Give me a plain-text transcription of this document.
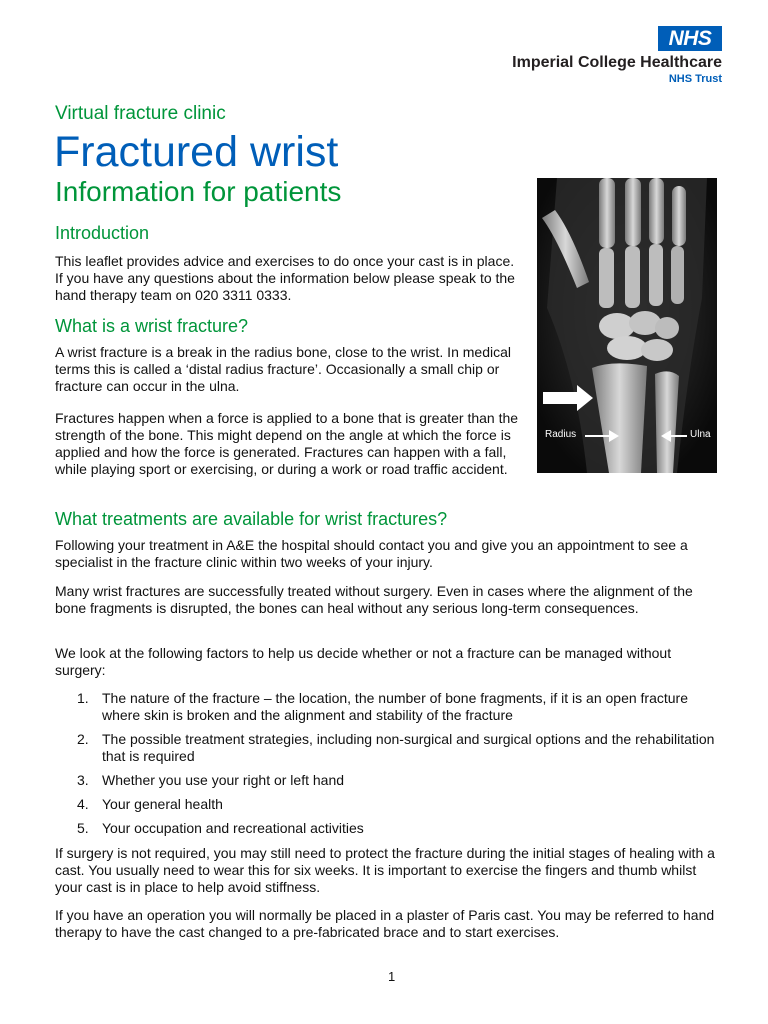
NHS
Imperial College Healthcare
NHS Trust
Virtual fracture clinic
Fractured wrist
Information for patients
Radius	Ulna
Introduction
This leaflet provides advice and exercises to do once your cast is in place. If you have any questions about the information below please speak to the hand therapy team on 020 3311 0333.
What is a wrist fracture?
A wrist fracture is a break in the radius bone, close to the wrist. In medical terms this is called a ‘distal radius fracture’. Occasionally a small chip or fracture can occur in the ulna.
Fractures happen when a force is applied to a bone that is greater than the strength of the bone. This might depend on the angle at which the force is applied and how the force is generated. Fractures can happen with a fall, while playing sport or exercising, or during a work or road traffic accident.
What treatments are available for wrist fractures?
Following your treatment in A&E the hospital should contact you and give you an appointment to see a specialist in the fracture clinic within two weeks of your injury.
Many wrist fractures are successfully treated without surgery. Even in cases where the alignment of the bone fragments is disrupted, the bones can heal without any serious long-term consequences.
We look at the following factors to help us decide whether or not a fracture can be managed without surgery:
1. The nature of the fracture – the location, the number of bone fragments, if it is an open fracture where skin is broken and the alignment and stability of the fracture
2. The possible treatment strategies, including non-surgical and surgical options and the rehabilitation that is required
3. Whether you use your right or left hand
4. Your general health
5. Your occupation and recreational activities
If surgery is not required, you may still need to protect the fracture during the initial stages of healing with a cast. You usually need to wear this for six weeks. It is important to exercise the fingers and thumb whilst your cast is in place to help avoid stiffness.
If you have an operation you will normally be placed in a plaster of Paris cast. You may be referred to hand therapy to have the cast changed to a pre-fabricated brace and to start exercises.
1
